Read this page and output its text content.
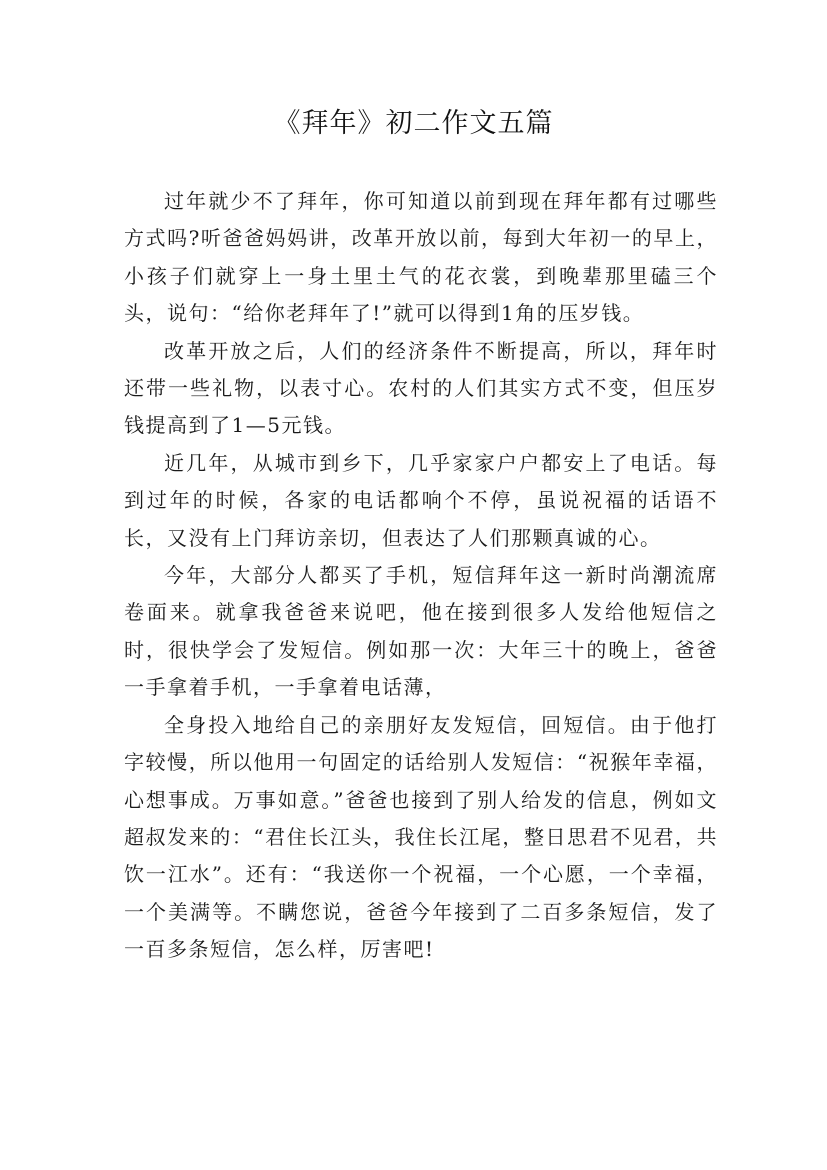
《拜年》初二作文五篇

过年就少不了拜年，你可知道以前到现在拜年都有过哪些方式吗?听爸爸妈妈讲，改革开放以前，每到大年初一的早上，小孩子们就穿上一身土里土气的花衣裳，到晚辈那里磕三个头，说句：“给你老拜年了!”就可以得到1角的压岁钱。

改革开放之后，人们的经济条件不断提高，所以，拜年时还带一些礼物，以表寸心。农村的人们其实方式不变，但压岁钱提高到了1—5元钱。

近几年，从城市到乡下，几乎家家户户都安上了电话。每到过年的时候，各家的电话都响个不停，虽说祝福的话语不长，又没有上门拜访亲切，但表达了人们那颗真诚的心。

今年，大部分人都买了手机，短信拜年这一新时尚潮流席卷面来。就拿我爸爸来说吧，他在接到很多人发给他短信之时，很快学会了发短信。例如那一次：大年三十的晚上，爸爸一手拿着手机，一手拿着电话薄，

全身投入地给自己的亲朋好友发短信，回短信。由于他打字较慢，所以他用一句固定的话给别人发短信：“祝猴年幸福，心想事成。万事如意。”爸爸也接到了别人给发的信息，例如文超叔发来的：“君住长江头，我住长江尾，整日思君不见君，共饮一江水”。还有：“我送你一个祝福，一个心愿，一个幸福，一个美满等。不瞒您说，爸爸今年接到了二百多条短信，发了一百多条短信，怎么样，厉害吧!
